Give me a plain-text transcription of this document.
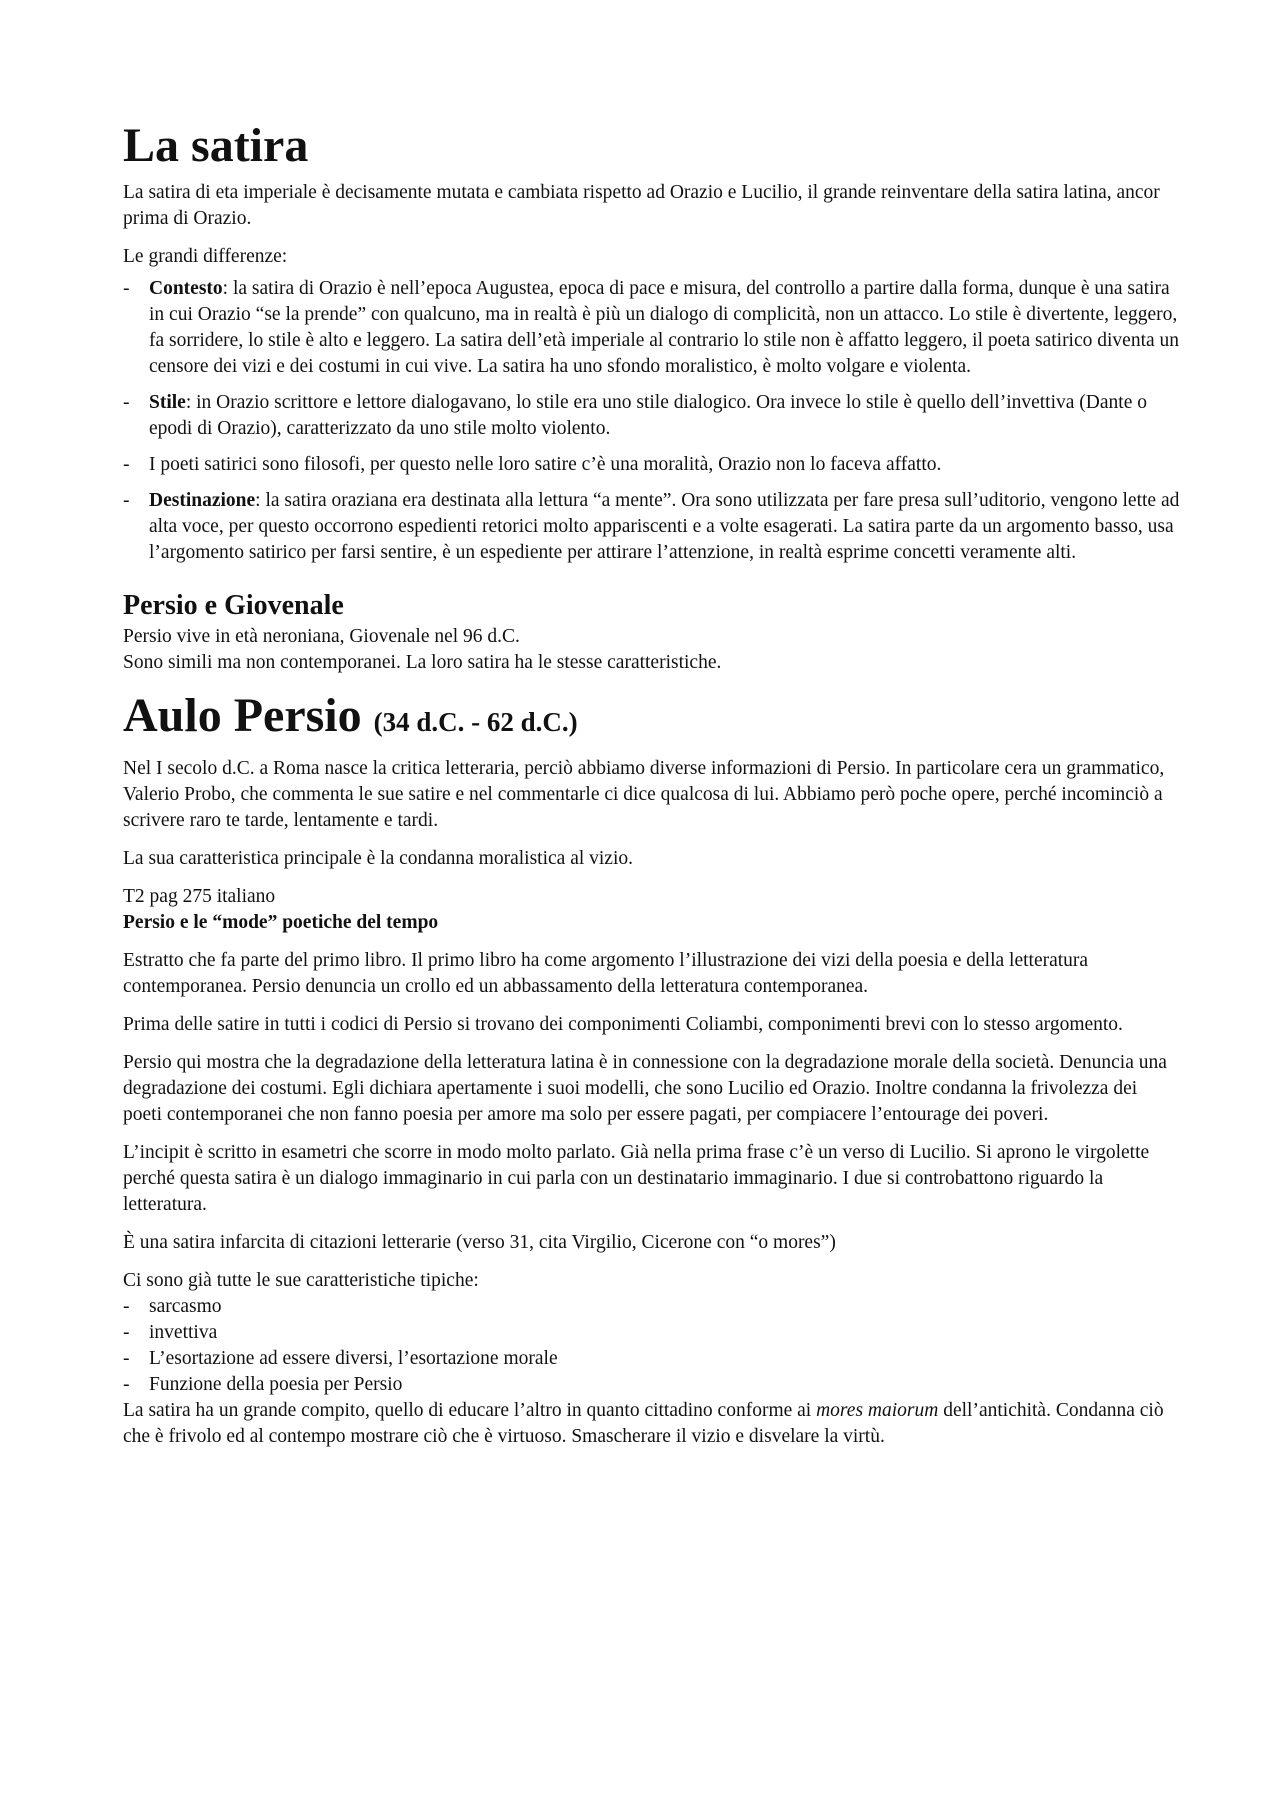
La satira

La satira di eta imperiale è decisamente mutata e cambiata rispetto ad Orazio e Lucilio, il grande reinventare della satira latina, ancor prima di Orazio.

Le grandi differenze:

- Contesto: la satira di Orazio è nell’epoca Augustea, epoca di pace e misura, del controllo a partire dalla forma, dunque è una satira in cui Orazio “se la prende” con qualcuno, ma in realtà è più un dialogo di complicità, non un attacco. Lo stile è divertente, leggero, fa sorridere, lo stile è alto e leggero. La satira dell’età imperiale al contrario lo stile non è affatto leggero, il poeta satirico diventa un censore dei vizi e dei costumi in cui vive. La satira ha uno sfondo moralistico, è molto volgare e violenta.
- Stile: in Orazio scrittore e lettore dialogavano, lo stile era uno stile dialogico. Ora invece lo stile è quello dell’invettiva (Dante o epodi di Orazio), caratterizzato da uno stile molto violento.
- I poeti satirici sono filosofi, per questo nelle loro satire c’è una moralità, Orazio non lo faceva affatto.
- Destinazione: la satira oraziana era destinata alla lettura “a mente”. Ora sono utilizzata per fare presa sull’uditorio, vengono lette ad alta voce, per questo occorrono espedienti retorici molto appariscenti e a volte esagerati. La satira parte da un argomento basso, usa l’argomento satirico per farsi sentire, è un espediente per attirare l’attenzione, in realtà esprime concetti veramente alti.
Persio e Giovenale

Persio vive in età neroniana, Giovenale nel 96 d.C.

Sono simili ma non contemporanei. La loro satira ha le stesse caratteristiche.

Aulo Persio (34 d.C. - 62 d.C.)

Nel I secolo d.C. a Roma nasce la critica letteraria, perciò abbiamo diverse informazioni di Persio. In particolare cera un grammatico, Valerio Probo, che commenta le sue satire e nel commentarle ci dice qualcosa di lui. Abbiamo però poche opere, perché incominciò a scrivere raro te tarde, lentamente e tardi.

La sua caratteristica principale è la condanna moralistica al vizio.

T2 pag 275 italiano

Persio e le “mode” poetiche del tempo

Estratto che fa parte del primo libro. Il primo libro ha come argomento l’illustrazione dei vizi della poesia e della letteratura contemporanea. Persio denuncia un crollo ed un abbassamento della letteratura contemporanea.

Prima delle satire in tutti i codici di Persio si trovano dei componimenti Coliambi, componimenti brevi con lo stesso argomento.

Persio qui mostra che la degradazione della letteratura latina è in connessione con la degradazione morale della società. Denuncia una degradazione dei costumi. Egli dichiara apertamente i suoi modelli, che sono Lucilio ed Orazio. Inoltre condanna la frivolezza dei poeti contemporanei che non fanno poesia per amore ma solo per essere pagati, per compiacere l’entourage dei poveri.

L’incipit è scritto in esametri che scorre in modo molto parlato. Già nella prima frase c’è un verso di Lucilio. Si aprono le virgolette perché questa satira è un dialogo immaginario in cui parla con un destinatario immaginario. I due si controbattono riguardo la letteratura.

È una satira infarcita di citazioni letterarie (verso 31, cita Virgilio, Cicerone con “o mores”)

Ci sono già tutte le sue caratteristiche tipiche:

- sarcasmo
- invettiva
- L’esortazione ad essere diversi, l’esortazione morale
- Funzione della poesia per Persio

La satira ha un grande compito, quello di educare l’altro in quanto cittadino conforme ai mores maiorum dell’antichità. Condanna ciò che è frivolo ed al contempo mostrare ciò che è virtuoso. Smascherare il vizio e disvelare la virtù.
